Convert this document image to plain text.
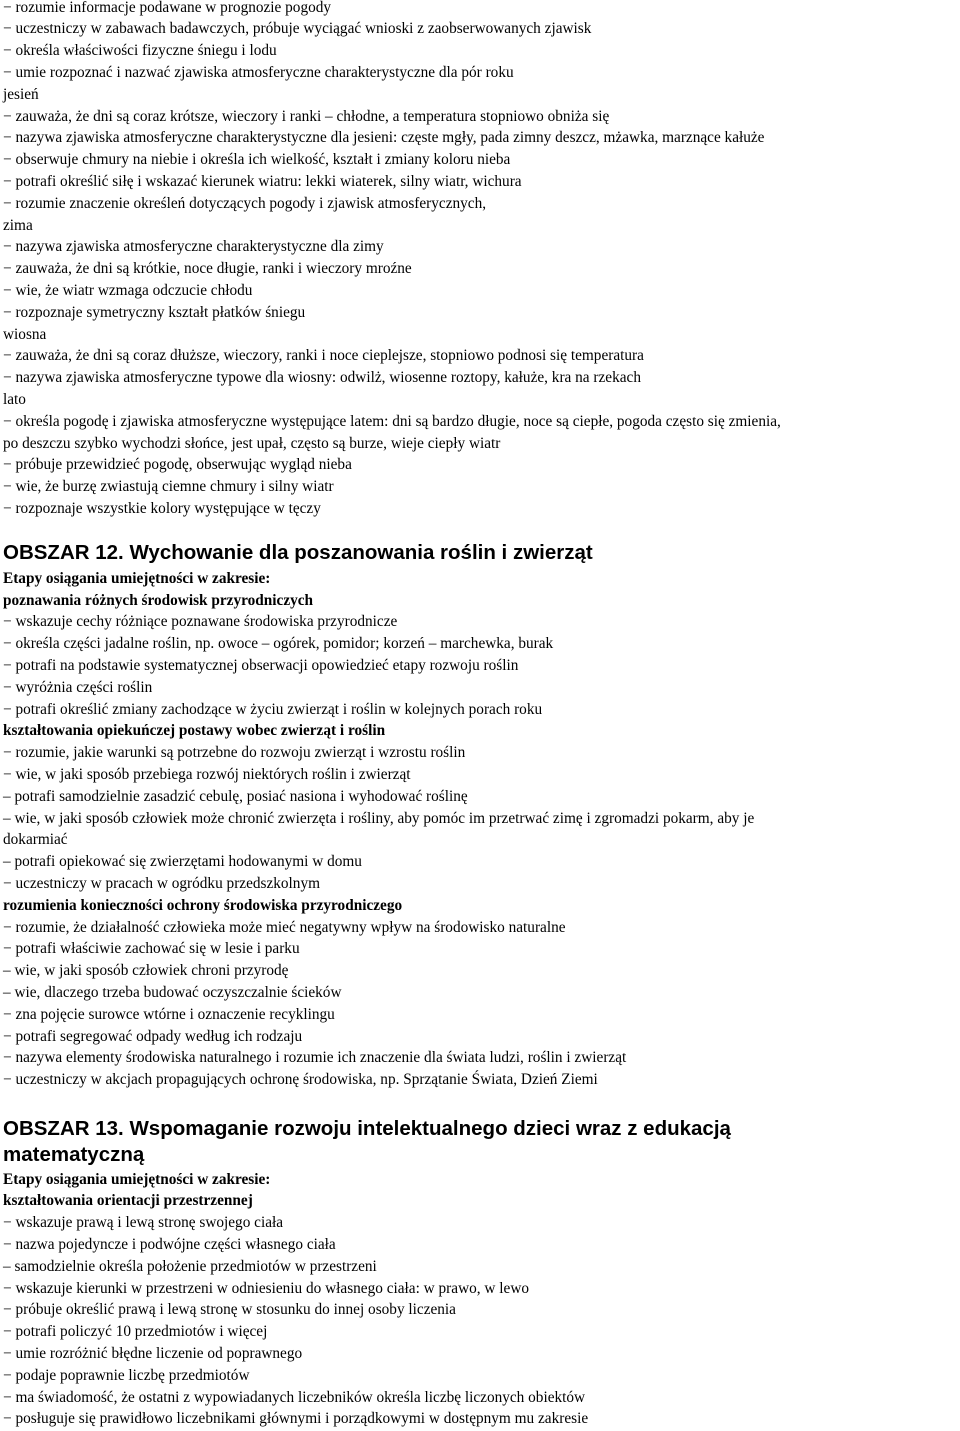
− rozumie informacje podawane w prognozie pogody
− uczestniczy w zabawach badawczych, próbuje wyciągać wnioski z zaobserwowanych zjawisk
− określa właściwości fizyczne śniegu i lodu
− umie rozpoznać i nazwać zjawiska atmosferyczne charakterystyczne dla pór roku
jesień
− zauważa, że dni są coraz krótsze, wieczory i ranki – chłodne, a temperatura stopniowo obniża się
− nazywa zjawiska atmosferyczne charakterystyczne dla jesieni: częste mgły, pada zimny deszcz, mżawka, marznące kałuże
− obserwuje chmury na niebie i określa ich wielkość, kształt i zmiany koloru nieba
− potrafi określić siłę i wskazać kierunek wiatru: lekki wiaterek, silny wiatr, wichura
− rozumie znaczenie określeń dotyczących pogody i zjawisk atmosferycznych,
zima
− nazywa zjawiska atmosferyczne charakterystyczne dla zimy
− zauważa, że dni są krótkie, noce długie, ranki i wieczory mroźne
− wie, że wiatr wzmaga odczucie chłodu
− rozpoznaje symetryczny kształt płatków śniegu
wiosna
− zauważa, że dni są coraz dłuższe, wieczory, ranki i noce cieplejsze, stopniowo podnosi się temperatura
− nazywa zjawiska atmosferyczne typowe dla wiosny: odwilż, wiosenne roztopy, kałuże, kra na rzekach
lato
− określa pogodę i zjawiska atmosferyczne występujące latem: dni są bardzo długie, noce są ciepłe, pogoda często się zmienia,
po deszczu szybko wychodzi słońce, jest upał, często są burze, wieje ciepły wiatr
− próbuje przewidzieć pogodę, obserwując wygląd nieba
− wie, że burzę zwiastują ciemne chmury i silny wiatr
− rozpoznaje wszystkie kolory występujące w tęczy
OBSZAR 12. Wychowanie dla poszanowania roślin i zwierząt
Etapy osiągania umiejętności w zakresie:
poznawania różnych środowisk przyrodniczych
− wskazuje cechy różniące poznawane środowiska przyrodnicze
− określa części jadalne roślin, np. owoce – ogórek, pomidor; korzeń – marchewka, burak
− potrafi na podstawie systematycznej obserwacji opowiedzieć etapy rozwoju roślin
− wyróżnia części roślin
− potrafi określić zmiany zachodzące w życiu zwierząt i roślin w kolejnych porach roku
kształtowania opiekuńczej postawy wobec zwierząt i roślin
− rozumie, jakie warunki są potrzebne do rozwoju zwierząt i wzrostu roślin
− wie, w jaki sposób przebiega rozwój niektórych roślin i zwierząt
– potrafi samodzielnie zasadzić cebulę, posiać nasiona i wyhodować roślinę
– wie, w jaki sposób człowiek może chronić zwierzęta i rośliny, aby pomóc im przetrwać zimę i zgromadzi pokarm, aby je
dokarmiać
– potrafi opiekować się zwierzętami hodowanymi w domu
− uczestniczy w pracach w ogródku przedszkolnym
rozumienia konieczności ochrony środowiska przyrodniczego
− rozumie, że działalność człowieka może mieć negatywny wpływ na środowisko naturalne
− potrafi właściwie zachować się w lesie i parku
– wie, w jaki sposób człowiek chroni przyrodę
– wie, dlaczego trzeba budować oczyszczalnie ścieków
− zna pojęcie surowce wtórne i oznaczenie recyklingu
− potrafi segregować odpady według ich rodzaju
− nazywa elementy środowiska naturalnego i rozumie ich znaczenie dla świata ludzi, roślin i zwierząt
− uczestniczy w akcjach propagujących ochronę środowiska, np. Sprzątanie Świata, Dzień Ziemi
OBSZAR 13. Wspomaganie rozwoju intelektualnego dzieci wraz z edukacją
matematyczną
Etapy osiągania umiejętności w zakresie:
kształtowania orientacji przestrzennej
− wskazuje prawą i lewą stronę swojego ciała
− nazwa pojedyncze i podwójne części własnego ciała
– samodzielnie określa położenie przedmiotów w przestrzeni
− wskazuje kierunki w przestrzeni w odniesieniu do własnego ciała: w prawo, w lewo
− próbuje określić prawą i lewą stronę w stosunku do innej osoby liczenia
− potrafi policzyć 10 przedmiotów i więcej
− umie rozróżnić błędne liczenie od poprawnego
− podaje poprawnie liczbę przedmiotów
− ma świadomość, że ostatni z wypowiadanych liczebników określa liczbę liczonych obiektów
− posługuje się prawidłowo liczebnikami głównymi i porządkowymi w dostępnym mu zakresie
